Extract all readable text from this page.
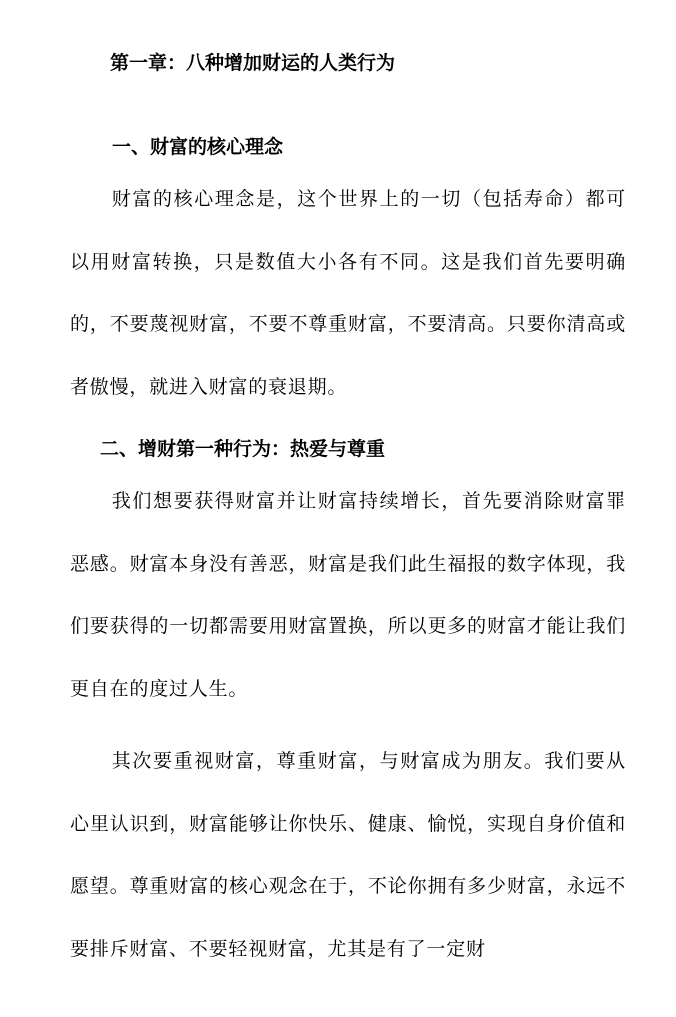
第一章：八种增加财运的人类行为
一、财富的核心理念

财富的核心理念是，这个世界上的一切（包括寿命）都可以用财富转换，只是数值大小各有不同。这是我们首先要明确的，不要蔑视财富，不要不尊重财富，不要清高。只要你清高或者傲慢，就进入财富的衰退期。

二、增财第一种行为：热爱与尊重

我们想要获得财富并让财富持续增长，首先要消除财富罪恶感。财富本身没有善恶，财富是我们此生福报的数字体现，我们要获得的一切都需要用财富置换，所以更多的财富才能让我们更自在的度过人生。

其次要重视财富，尊重财富，与财富成为朋友。我们要从心里认识到，财富能够让你快乐、健康、愉悦，实现自身价值和愿望。尊重财富的核心观念在于，不论你拥有多少财富，永远不要排斥财富、不要轻视财富，尤其是有了一定财
